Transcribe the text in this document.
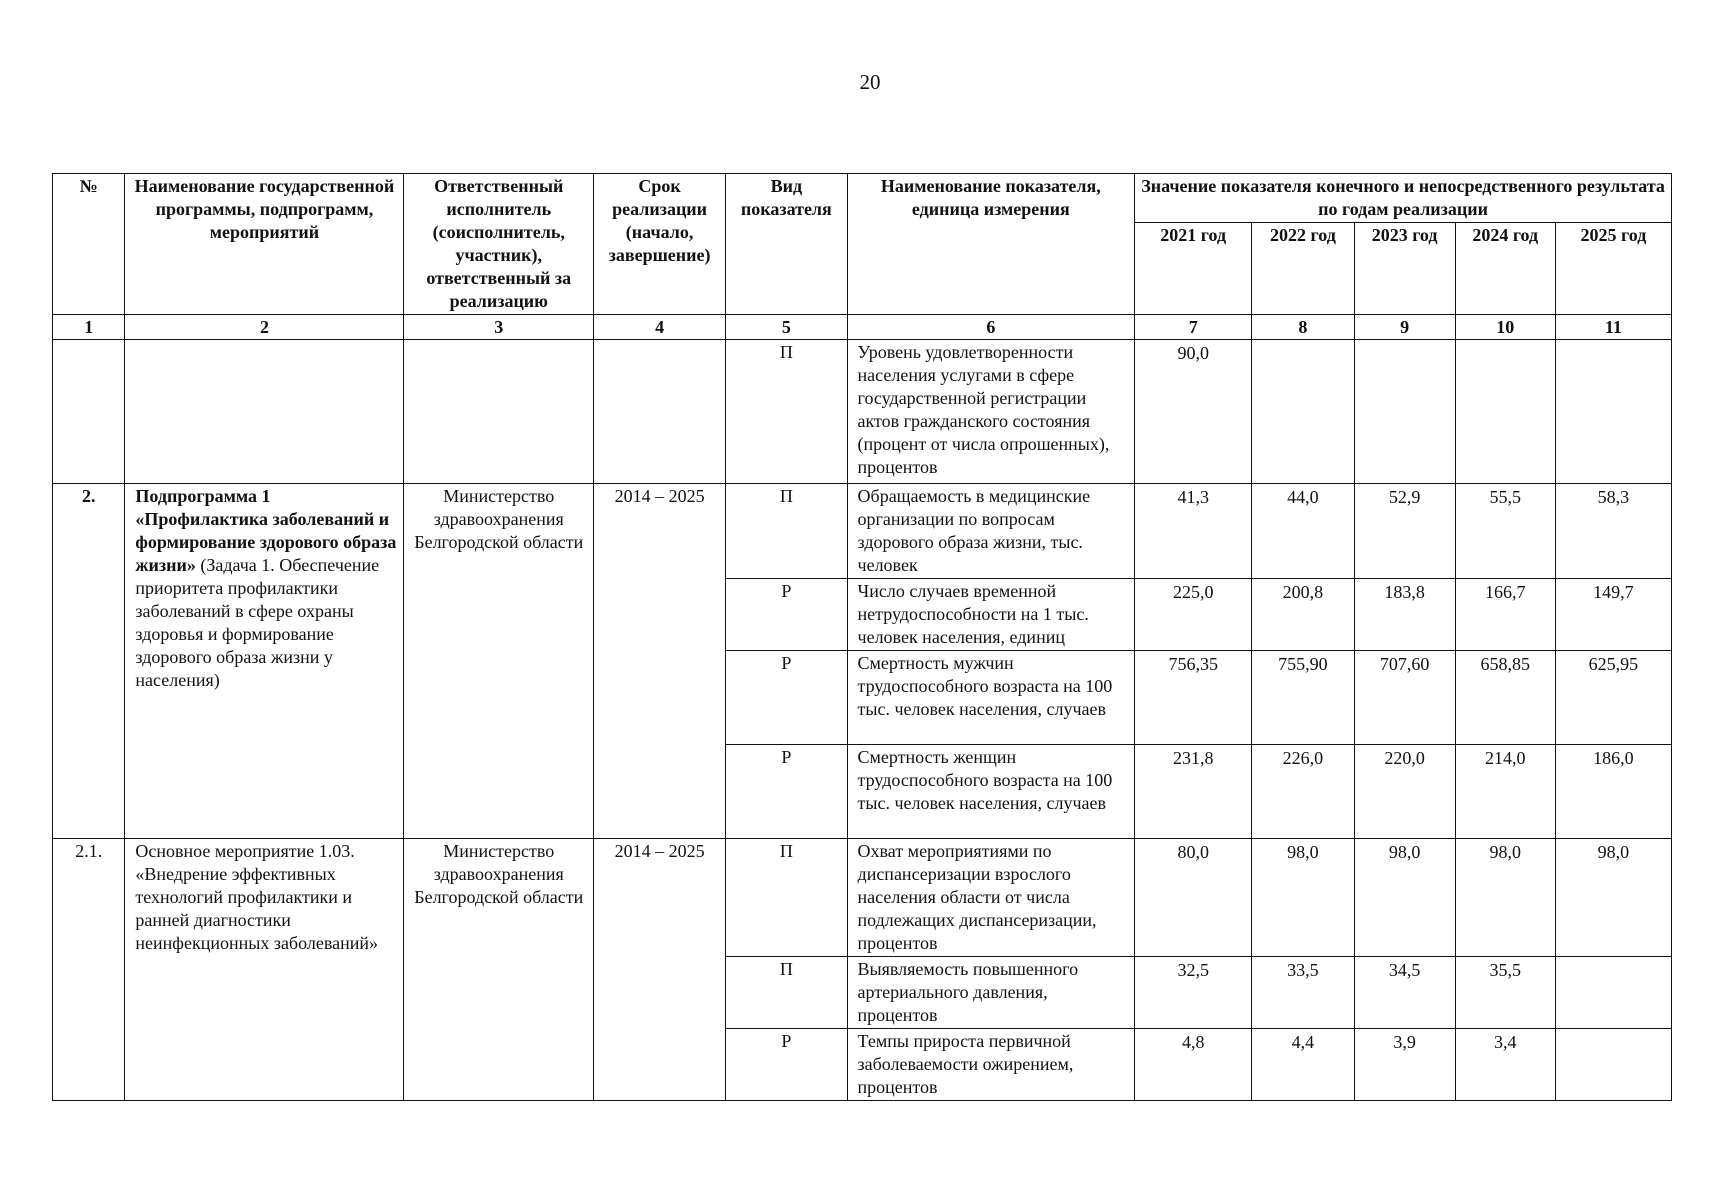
20
№	Наименование государственной программы, подпрограмм, мероприятий	Ответственный исполнитель (соисполнитель, участник), ответственный за реализацию	Срок реализации (начало, завершение)	Вид показателя	Наименование показателя, единица измерения	Значение показателя конечного и непосредственного результата по годам реализации				
						2021 год	2022 год	2023 год	2024 год	2025 год
1	2	3	4	5	6	7	8	9	10	11
				П	Уровень удовлетворенности населения услугами в сфере государственной регистрации актов гражданского состояния (процент от числа опрошенных), процентов	90,0				
2.	Подпрограмма 1 «Профилактика заболеваний и формирование здорового образа жизни» (Задача 1. Обеспечение приоритета профилактики заболеваний в сфере охраны здоровья и формирование здорового образа жизни у населения)	Министерство здравоохранения Белгородской области	2014 – 2025	П	Обращаемость в медицинские организации по вопросам здорового образа жизни, тыс. человек	41,3	44,0	52,9	55,5	58,3
				Р	Число случаев временной нетрудоспособности на 1 тыс. человек населения, единиц	225,0	200,8	183,8	166,7	149,7
				Р	Смертность мужчин трудоспособного возраста на 100 тыс. человек населения, случаев	756,35	755,90	707,60	658,85	625,95
				Р	Смертность женщин трудоспособного возраста на 100 тыс. человек населения, случаев	231,8	226,0	220,0	214,0	186,0
2.1.	Основное мероприятие 1.03. «Внедрение эффективных технологий профилактики и ранней диагностики неинфекционных заболеваний»	Министерство здравоохранения Белгородской области	2014 – 2025	П	Охват мероприятиями по диспансеризации взрослого населения области от числа подлежащих диспансеризации, процентов	80,0	98,0	98,0	98,0	98,0
				П	Выявляемость повышенного артериального давления, процентов	32,5	33,5	34,5	35,5	
				Р	Темпы прироста первичной заболеваемости ожирением, процентов	4,8	4,4	3,9	3,4	
